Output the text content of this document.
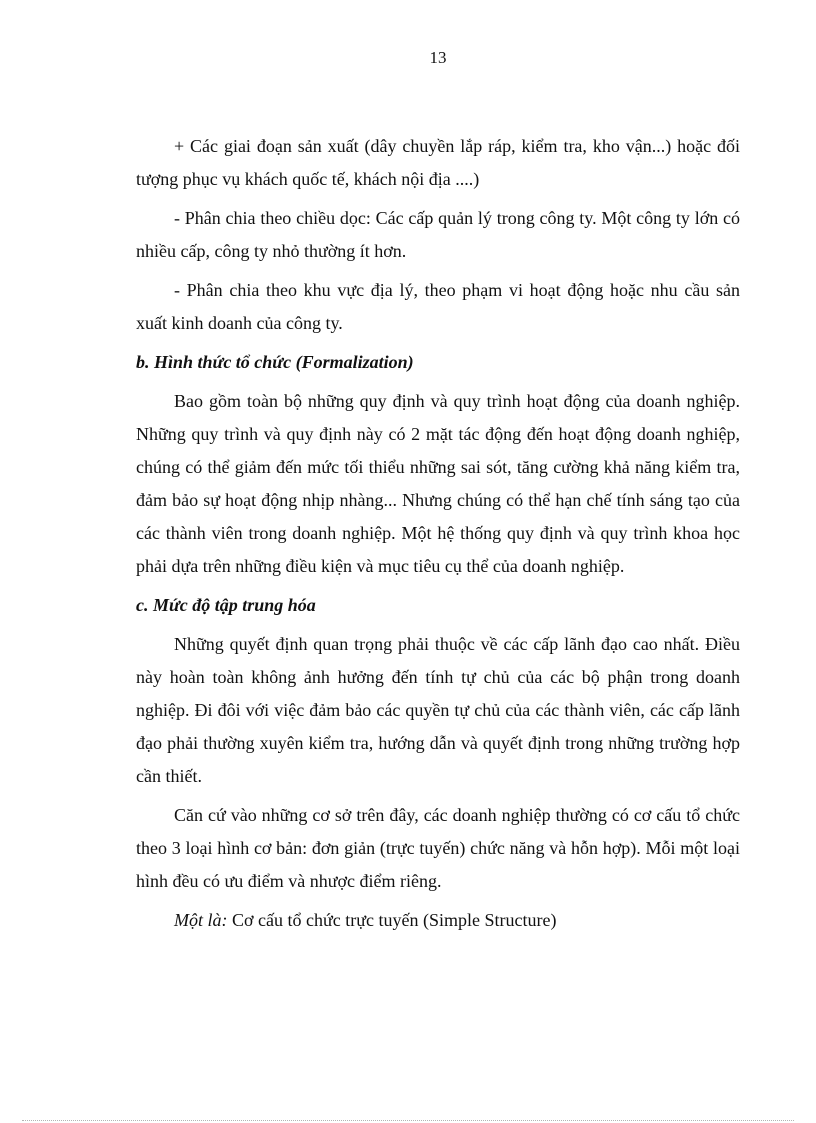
13

+ Các giai đoạn sản xuất (dây chuyền lắp ráp, kiểm tra, kho vận...) hoặc đối tượng phục vụ khách quốc tế, khách nội địa ....)

- Phân chia theo chiều dọc: Các cấp quản lý trong công ty. Một công ty lớn có nhiều cấp, công ty nhỏ thường ít hơn.

- Phân chia theo khu vực địa lý, theo phạm vi hoạt động hoặc nhu cầu sản xuất kinh doanh của công ty.

b. Hình thức tổ chức (Formalization)

Bao gồm toàn bộ những quy định và quy trình hoạt động của doanh nghiệp. Những quy trình và quy định này có 2 mặt tác động đến hoạt động doanh nghiệp, chúng có thể giảm đến mức tối thiểu những sai sót, tăng cường khả năng kiểm tra, đảm bảo sự hoạt động nhịp nhàng... Nhưng chúng có thể hạn chế tính sáng tạo của các thành viên trong doanh nghiệp. Một hệ thống quy định và quy trình khoa học phải dựa trên những điều kiện và mục tiêu cụ thể của doanh nghiệp.

c. Mức độ tập trung hóa

Những quyết định quan trọng phải thuộc về các cấp lãnh đạo cao nhất. Điều này hoàn toàn không ảnh hưởng đến tính tự chủ của các bộ phận trong doanh nghiệp. Đi đôi với việc đảm bảo các quyền tự chủ của các thành viên, các cấp lãnh đạo phải thường xuyên kiểm tra, hướng dẫn và quyết định trong những trường hợp cần thiết.

Căn cứ vào những cơ sở trên đây, các doanh nghiệp thường có cơ cấu tổ chức theo 3 loại hình cơ bản: đơn giản (trực tuyến) chức năng và hỗn hợp). Mỗi một loại hình đều có ưu điểm và nhược điểm riêng.

Một là: Cơ cấu tổ chức trực tuyến (Simple Structure)
